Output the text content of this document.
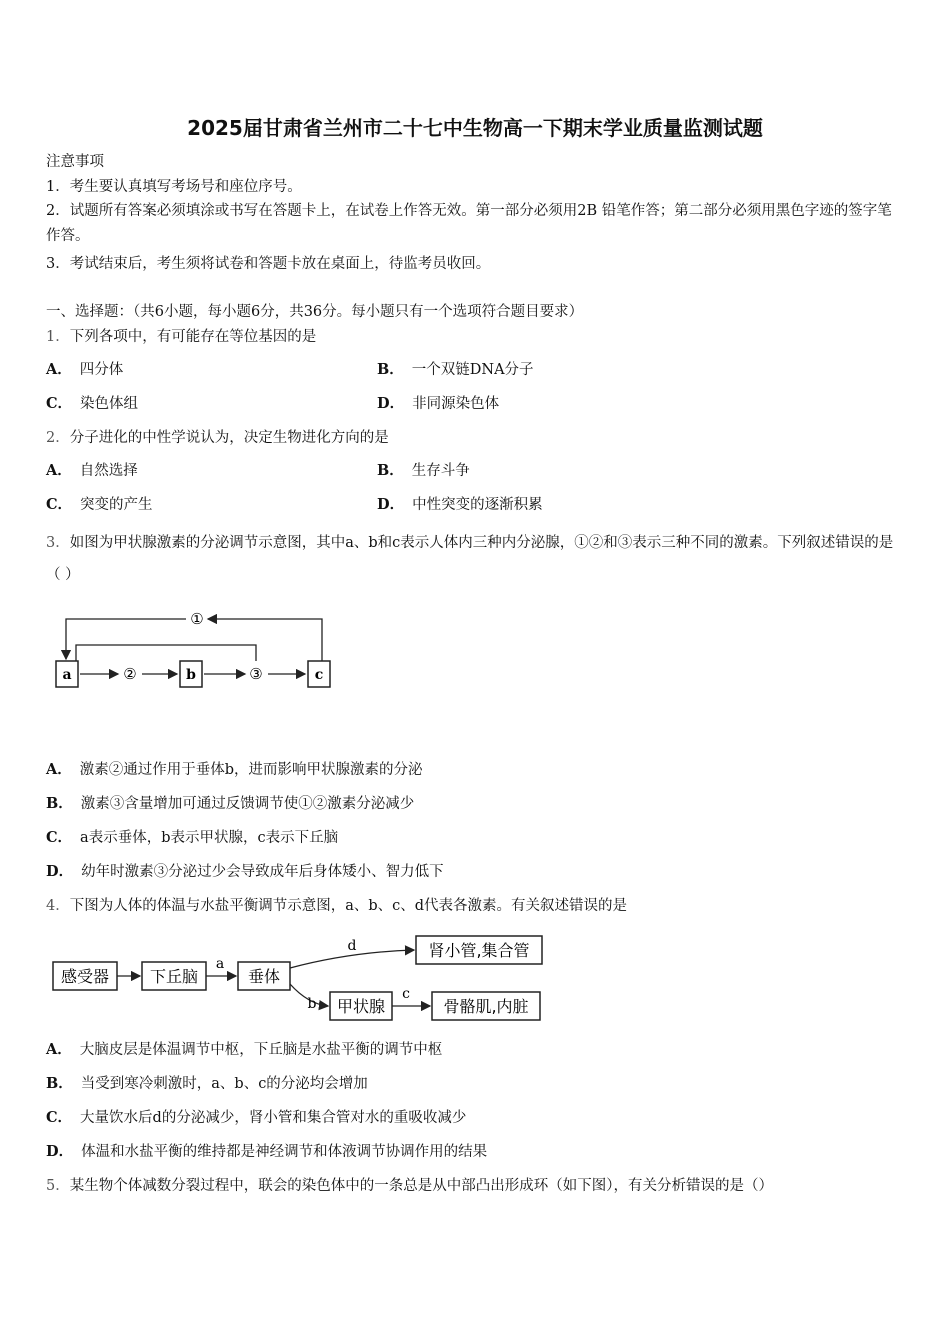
2025届甘肃省兰州市二十七中生物高一下期末学业质量监测试题
注意事项
1．考生要认真填写考场号和座位序号。
2．试题所有答案必须填涂或书写在答题卡上，在试卷上作答无效。第一部分必须用2B 铅笔作答；第二部分必须用黑色字迹的签字笔作答。
3．考试结束后，考生须将试卷和答题卡放在桌面上，待监考员收回。
一、选择题：（共6小题，每小题6分，共36分。每小题只有一个选项符合题目要求）
1．下列各项中，有可能存在等位基因的是
A． 四分体	B． 一个双链DNA分子
C． 染色体组	D． 非同源染色体
2．分子进化的中性学说认为，决定生物进化方向的是
A． 自然选择	B． 生存斗争
C． 突变的产生	D． 中性突变的逐渐积累
3．如图为甲状腺激素的分泌调节示意图，其中a、b和c表示人体内三种内分泌腺，①②和③表示三种不同的激素。下列叙述错误的是（ ）
①
a	b	c
②	③
A． 激素②通过作用于垂体b，进而影响甲状腺激素的分泌
B． 激素③含量增加可通过反馈调节使①②激素分泌减少
C． a表示垂体，b表示甲状腺，c表示下丘脑
D． 幼年时激素③分泌过少会导致成年后身体矮小、智力低下
4．下图为人体的体温与水盐平衡调节示意图，a、b、c、d代表各激素。有关叙述错误的是
感受器	下丘脑
a
垂体
d
b
肾小管,集合管
甲状腺
c
骨骼肌,内脏
A． 大脑皮层是体温调节中枢，下丘脑是水盐平衡的调节中枢
B． 当受到寒冷刺激时，a、b、c的分泌均会增加
C． 大量饮水后d的分泌减少，肾小管和集合管对水的重吸收减少
D． 体温和水盐平衡的维持都是神经调节和体液调节协调作用的结果
5．某生物个体减数分裂过程中，联会的染色体中的一条总是从中部凸出形成环（如下图），有关分析错误的是（）
